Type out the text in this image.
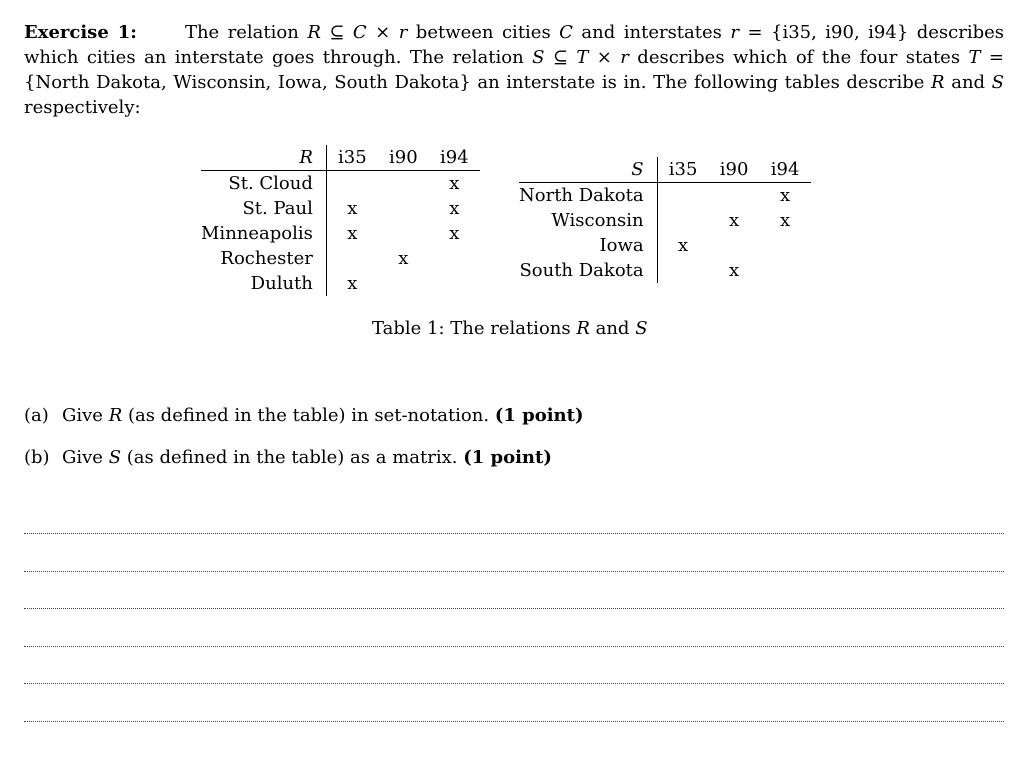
Exercise 1:	The relation R ⊆ C × r between cities C and interstates r = {i35, i90, i94} describes which cities an interstate goes through. The relation S ⊆ T × r describes which of the four states T = {North Dakota, Wisconsin, Iowa, South Dakota} an interstate is in. The following tables describe R and S respectively:
R	i35	i90	i94
St. Cloud			x
St. Paul	x		x
Minneapolis	x		x
Rochester		x	
Duluth	x		
S	i35	i90	i94
North Dakota			x
Wisconsin		x	x
Iowa	x		
South Dakota		x	
Table 1: The relations R and S
(a) Give R (as defined in the table) in set-notation. (1 point)
(b) Give S (as defined in the table) as a matrix. (1 point)
